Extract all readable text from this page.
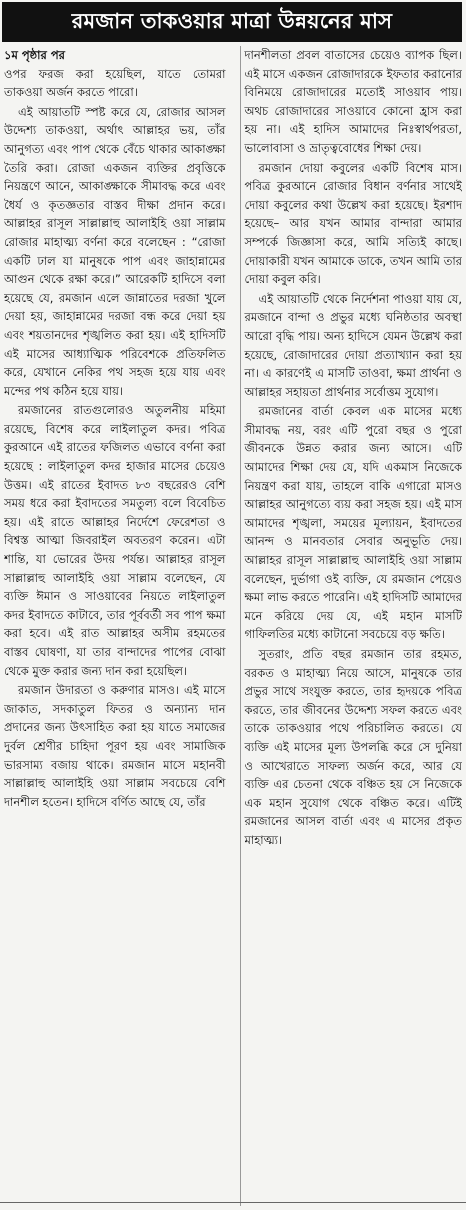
রমজান তাকওয়ার মাত্রা উন্নয়নের মাস
১ম পৃষ্ঠার পর

ওপর ফরজ করা হয়েছিল, যাতে তোমরা তাকওয়া অর্জন করতে পারো।

এই আয়াতটি স্পষ্ট করে যে, রোজার আসল উদ্দেশ্য তাকওয়া, অর্থাৎ আল্লাহর ভয়, তাঁর আনুগত্য এবং পাপ থেকে বেঁচে থাকার আকাঙ্ক্ষা তৈরি করা। রোজা একজন ব্যক্তির প্রবৃত্তিকে নিয়ন্ত্রণে আনে, আকাঙ্ক্ষাকে সীমাবদ্ধ করে এবং ধৈর্য ও কৃতজ্ঞতার বাস্তব দীক্ষা প্রদান করে। আল্লাহর রাসূল সাল্লাল্লাহু আলাইহি ওয়া সাল্লাম রোজার মাহাত্ম্য বর্ণনা করে বলেছেন : “রোজা একটি ঢাল যা মানুষকে পাপ এবং জাহান্নামের আগুন থেকে রক্ষা করে।” আরেকটি হাদিসে বলা হয়েছে যে, রমজান এলে জান্নাতের দরজা খুলে দেয়া হয়, জাহান্নামের দরজা বন্ধ করে দেয়া হয় এবং শয়তানদের শৃঙ্খলিত করা হয়। এই হাদিসটি এই মাসের আধ্যাত্মিক পরিবেশকে প্রতিফলিত করে, যেখানে নেকির পথ সহজ হয়ে যায় এবং মন্দের পথ কঠিন হয়ে যায়।

রমজানের রাতগুলোরও অতুলনীয় মহিমা রয়েছে, বিশেষ করে লাইলাতুল কদর। পবিত্র কুরআনে এই রাতের ফজিলত এভাবে বর্ণনা করা হয়েছে : লাইলাতুল কদর হাজার মাসের চেয়েও উত্তম। এই রাতের ইবাদত ৮৩ বছরেরও বেশি সময় ধরে করা ইবাদতের সমতুল্য বলে বিবেচিত হয়। এই রাতে আল্লাহর নির্দেশে ফেরেশতা ও বিশ্বস্ত আত্মা জিবরাইল অবতরণ করেন। এটা শান্তি, যা ভোরের উদয় পর্যন্ত। আল্লাহর রাসূল সাল্লাল্লাহু আলাইহি ওয়া সাল্লাম বলেছেন, যে ব্যক্তি ঈমান ও সাওয়াবের নিয়তে লাইলাতুল কদর ইবাদতে কাটাবে, তার পূর্ববর্তী সব পাপ ক্ষমা করা হবে। এই রাত আল্লাহর অসীম রহমতের বাস্তব ঘোষণা, যা তার বান্দাদের পাপের বোঝা থেকে মুক্ত করার জন্য দান করা হয়েছিল।

রমজান উদারতা ও করুণার মাসও। এই মাসে জাকাত, সদকাতুল ফিতর ও অন্যান্য দান প্রদানের জন্য উৎসাহিত করা হয় যাতে সমাজের দুর্বল শ্রেণীর চাহিদা পূরণ হয় এবং সামাজিক ভারসাম্য বজায় থাকে। রমজান মাসে মহানবী সাল্লাল্লাহু আলাইহি ওয়া সাল্লাম সবচেয়ে বেশি দানশীল হতেন। হাদিসে বর্ণিত আছে যে, তাঁর

দানশীলতা প্রবল বাতাসের চেয়েও ব্যাপক ছিল। এই মাসে একজন রোজাদারকে ইফতার করানোর বিনিময়ে রোজাদারের মতোই সাওয়াব পায়। অথচ রোজাদারের সাওয়াবে কোনো হ্রাস করা হয় না। এই হাদিস আমাদের নিঃস্বার্থপরতা, ভালোবাসা ও ভ্রাতৃত্ববোধের শিক্ষা দেয়।

রমজান দোয়া কবুলের একটি বিশেষ মাস। পবিত্র কুরআনে রোজার বিধান বর্ণনার সাথেই দোয়া কবুলের কথা উল্লেখ করা হয়েছে। ইরশাদ হয়েছে– আর যখন আমার বান্দারা আমার সম্পর্কে জিজ্ঞাসা করে, আমি সত্যিই কাছে। দোয়াকারী যখন আমাকে ডাকে, তখন আমি তার দোয়া কবুল করি।

এই আয়াতটি থেকে নির্দেশনা পাওয়া যায় যে, রমজানে বান্দা ও প্রভুর মধ্যে ঘনিষ্ঠতার অবস্থা আরো বৃদ্ধি পায়। অন্য হাদিসে যেমন উল্লেখ করা হয়েছে, রোজাদারের দোয়া প্রত্যাখ্যান করা হয় না। এ কারণেই এ মাসটি তাওবা, ক্ষমা প্রার্থনা ও আল্লাহর সহায়তা প্রার্থনার সর্বোত্তম সুযোগ।

রমজানের বার্তা কেবল এক মাসের মধ্যে সীমাবদ্ধ নয়, বরং এটি পুরো বছর ও পুরো জীবনকে উন্নত করার জন্য আসে। এটি আমাদের শিক্ষা দেয় যে, যদি একমাস নিজেকে নিয়ন্ত্রণ করা যায়, তাহলে বাকি এগারো মাসও আল্লাহর আনুগত্যে ব্যয় করা সহজ হয়। এই মাস আমাদের শৃঙ্খলা, সময়ের মূল্যায়ন, ইবাদতের আনন্দ ও মানবতার সেবার অনুভূতি দেয়। আল্লাহর রাসূল সাল্লাল্লাহু আলাইহি ওয়া সাল্লাম বলেছেন, দুর্ভাগা ওই ব্যক্তি, যে রমজান পেয়েও ক্ষমা লাভ করতে পারেনি। এই হাদিসটি আমাদের মনে করিয়ে দেয় যে, এই মহান মাসটি গাফিলতির মধ্যে কাটানো সবচেয়ে বড় ক্ষতি।

সুতরাং, প্রতি বছর রমজান তার রহমত, বরকত ও মাহাত্ম্য নিয়ে আসে, মানুষকে তার প্রভুর সাথে সংযুক্ত করতে, তার হৃদয়কে পবিত্র করতে, তার জীবনের উদ্দেশ্য সফল করতে এবং তাকে তাকওয়ার পথে পরিচালিত করতে। যে ব্যক্তি এই মাসের মূল্য উপলব্ধি করে সে দুনিয়া ও আখেরাতে সাফল্য অর্জন করে, আর যে ব্যক্তি এর চেতনা থেকে বঞ্চিত হয় সে নিজেকে এক মহান সুযোগ থেকে বঞ্চিত করে। এটিই রমজানের আসল বার্তা এবং এ মাসের প্রকৃত মাহাত্ম্য।
